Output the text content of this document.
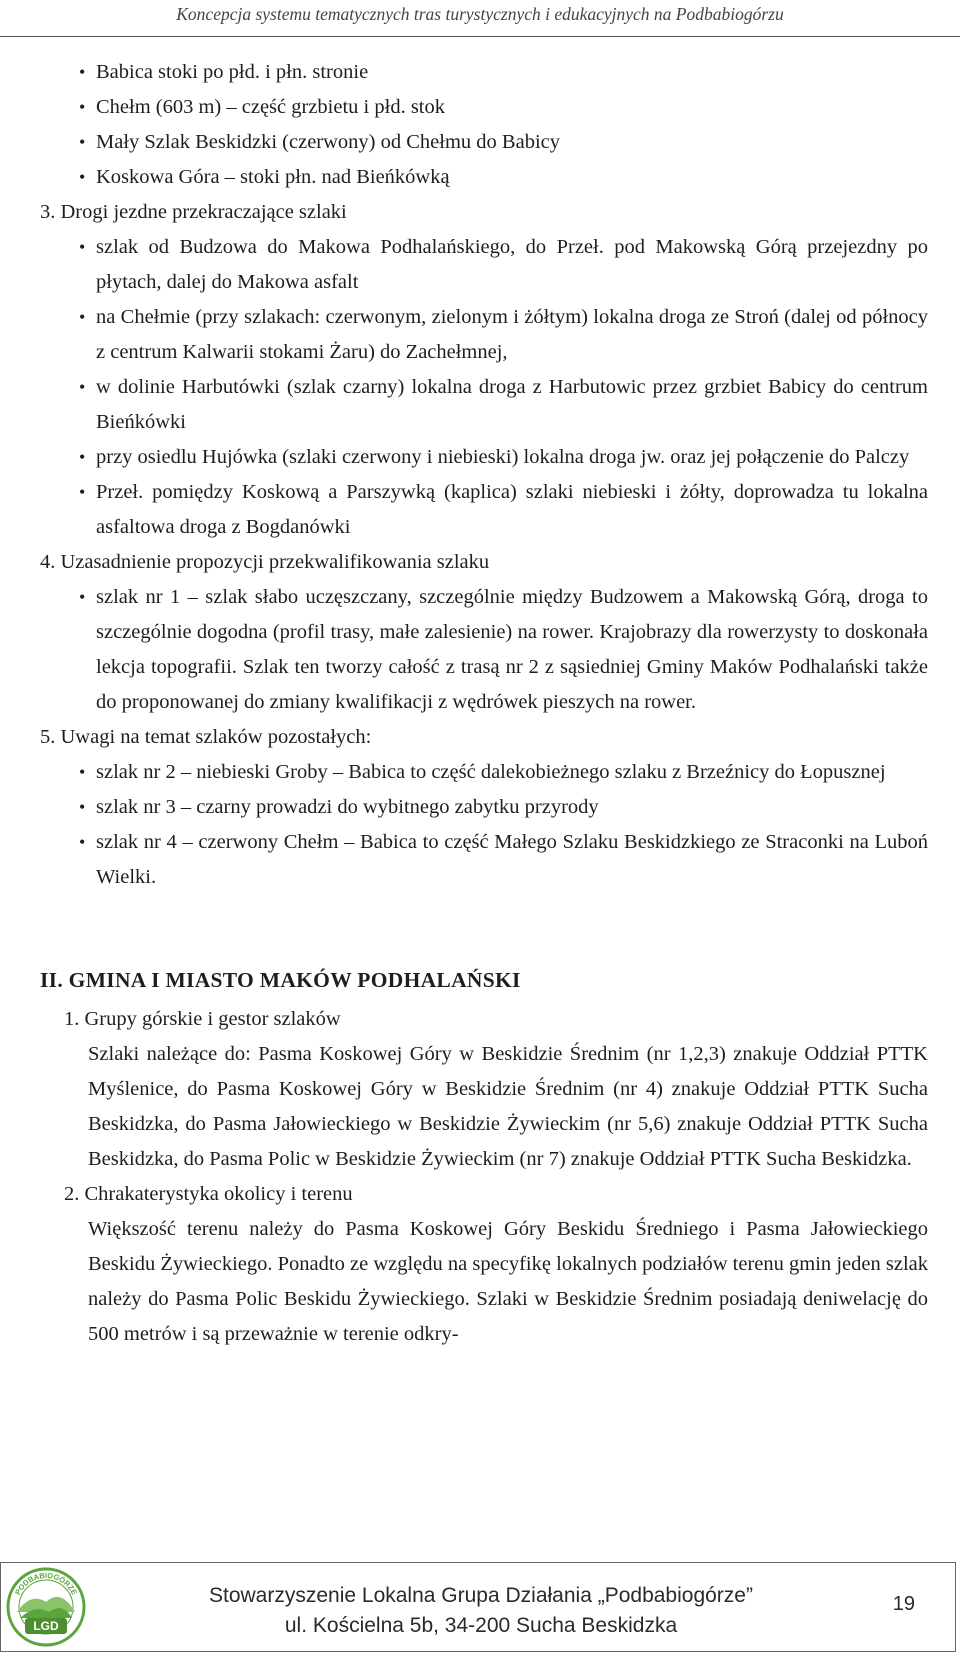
Koncepcja systemu tematycznych tras turystycznych i edukacyjnych na Podbabiogórzu
• Babica stoki po płd. i płn. stronie
• Chełm (603 m) – część grzbietu i płd. stok
• Mały Szlak Beskidzki (czerwony) od Chełmu do Babicy
• Koskowa Góra – stoki płn. nad Bieńkówką
3. Drogi jezdne przekraczające szlaki
• szlak od Budzowa do Makowa Podhalańskiego, do Przeł. pod Makowską Górą przejezdny po płytach, dalej do Makowa asfalt
• na Chełmie (przy szlakach: czerwonym, zielonym i żółtym) lokalna droga ze Stroń (dalej od północy z centrum Kalwarii stokami Żaru) do Zachełmnej,
• w dolinie Harbutówki (szlak czarny) lokalna droga z Harbutowic przez grzbiet Babicy do centrum Bieńkówki
• przy osiedlu Hujówka (szlaki czerwony i niebieski) lokalna droga jw. oraz jej połączenie do Palczy
• Przeł. pomiędzy Koskową a Parszywką (kaplica) szlaki niebieski i żółty, doprowadza tu lokalna asfaltowa droga z Bogdanówki
4. Uzasadnienie propozycji przekwalifikowania szlaku
• szlak nr 1 – szlak słabo uczęszczany, szczególnie między Budzowem a Makowską Górą, droga to szczególnie dogodna (profil trasy, małe zalesienie) na rower. Krajobrazy dla rowerzysty to doskonała lekcja topografii. Szlak ten tworzy całość z trasą nr 2 z sąsiedniej Gminy Maków Podhalański także do proponowanej do zmiany kwalifikacji z wędrówek pieszych na rower.
5. Uwagi na temat szlaków pozostałych:
• szlak nr 2 – niebieski Groby – Babica to część dalekobieżnego szlaku z Brzeźnicy do Łopusznej
• szlak nr 3 – czarny prowadzi do wybitnego zabytku przyrody
• szlak nr 4 – czerwony Chełm – Babica to część Małego Szlaku Beskidzkiego ze Straconki na Luboń Wielki.
II. GMINA I MIASTO MAKÓW PODHALAŃSKI
1. Grupy górskie i gestor szlaków
Szlaki należące do: Pasma Koskowej Góry w Beskidzie Średnim (nr 1,2,3) znakuje Oddział PTTK Myślenice, do Pasma Koskowej Góry w Beskidzie Średnim (nr 4) znakuje Oddział PTTK Sucha Beskidzka, do Pasma Jałowieckiego w Beskidzie Żywieckim (nr 5,6) znakuje Oddział PTTK Sucha Beskidzka, do Pasma Polic w Beskidzie Żywieckim (nr 7) znakuje Oddział PTTK Sucha Beskidzka.
2. Chrakaterystyka okolicy i terenu
Większość terenu należy do Pasma Koskowej Góry Beskidu Średniego i Pasma Jałowieckiego Beskidu Żywieckiego. Ponadto ze względu na specyfikę lokalnych podziałów terenu gmin jeden szlak należy do Pasma Polic Beskidu Żywieckiego. Szlaki w Beskidzie Średnim posiadają deniwelację do 500 metrów i są przeważnie w terenie odkry-
LGD
PODBABIOGÓRZE	Stowarzyszenie Lokalna Grupa Działania „Podbabiogórze”
ul. Kościelna 5b, 34-200 Sucha Beskidzka
19
